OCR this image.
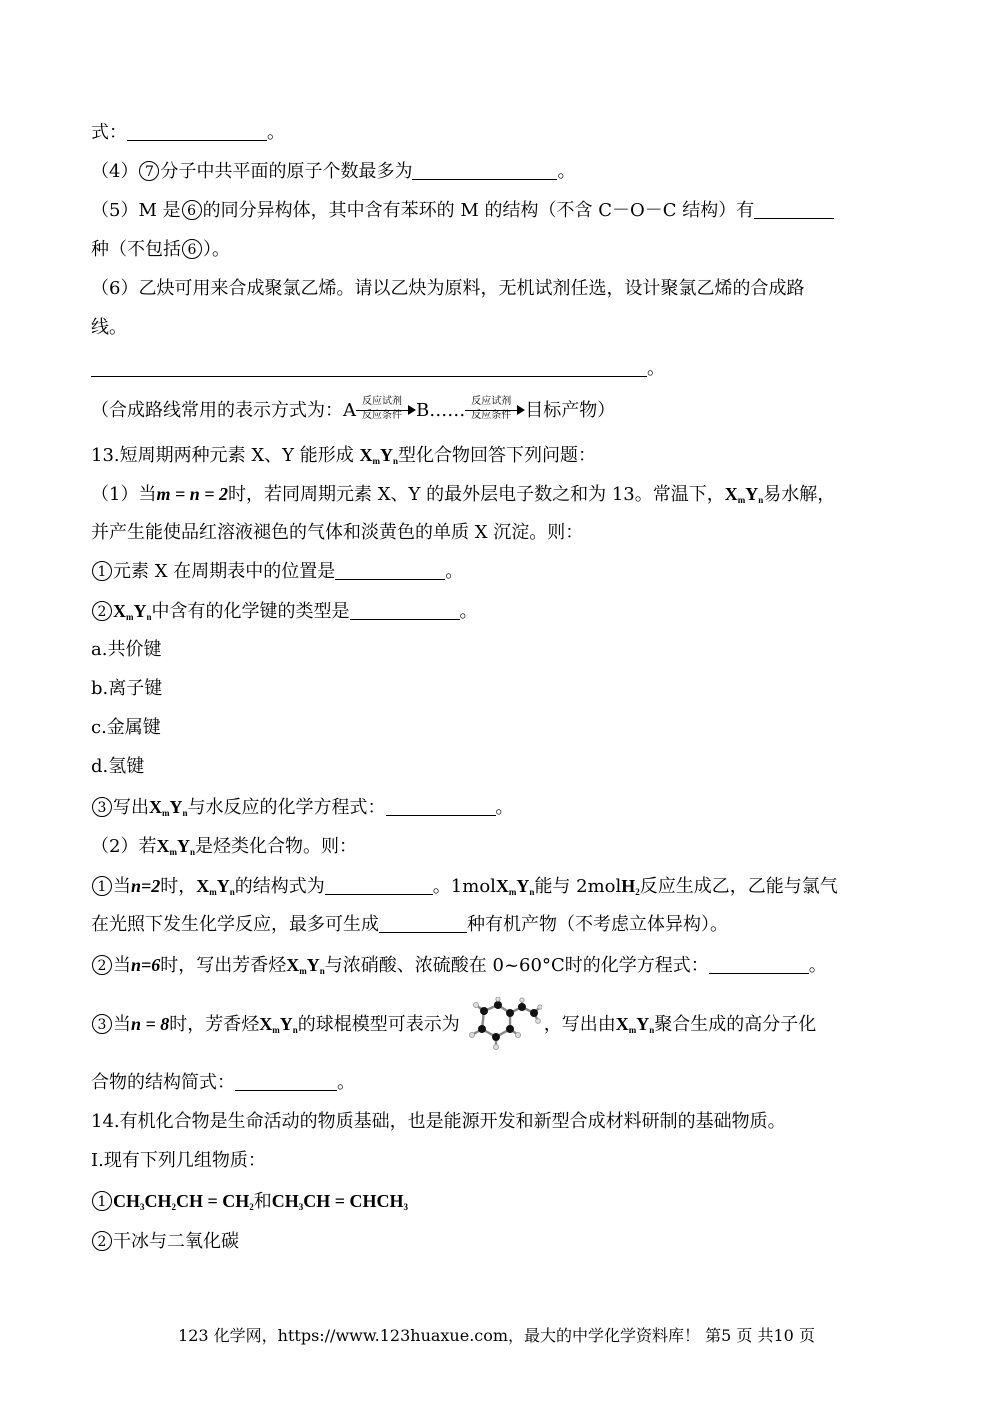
式：	。
（4） 7 分子中共平面的原子个数最多为	。
（5）M 是 6 的同分异构体，其中含有苯环的 M 的结构（不含 C－O－C 结构）有
种（不包括 6 ）。
（6）乙炔可用来合成聚氯乙烯。请以乙炔为原料，无机试剂任选，设计聚氯乙烯的合成路
线。
。
（合成路线常用的表示方式为：A 反应试剂
反应条件 B…… 反应试剂
反应条件 目标产物）
13.短周期两种元素 X、Y 能形成 $X_mY_n$型化合物回答下列问题：
（1）当m = n = 2时，若同周期元素 X、Y 的最外层电子数之和为 13。常温下，$X_mY_n$易水解，
并产生能使品红溶液褪色的气体和淡黄色的单质 X 沉淀。则：
1 元素 X 在周期表中的位置是	。
2 $X_mY_n$中含有的化学键的类型是	。
a.共价键
b.离子键
c.金属键
d.氢键
3 写出$X_mY_n$与水反应的化学方程式：	。
（2）若$X_mY_n$是烃类化合物。则：
1 当n=2时，$X_mY_n$的结构式为	。$1molX_mY_n$能与 2molH$_2$反应生成乙，乙能与氯气
在光照下发生化学反应，最多可生成	种有机产物（不考虑立体异构）。
2 当n=6时，写出芳香烃$X_mY_n$与浓硝酸、浓硫酸在 0~60°C时的化学方程式：	。
3 当n = 8时，芳香烃$X_mY_n$的球棍模型可表示为	，写出由$X_mY_n$聚合生成的高分子化
合物的结构简式：	。
14.有机化合物是生命活动的物质基础，也是能源开发和新型合成材料研制的基础物质。
I.现有下列几组物质：
1 $CH_3CH_2CH = CH_2$和$CH_3CH$ = $CHCH_3$
2 干冰与二氧化碳
123 化学网，https://www.123huaxue.com，最大的中学化学资料库！ 第5 页 共10 页
